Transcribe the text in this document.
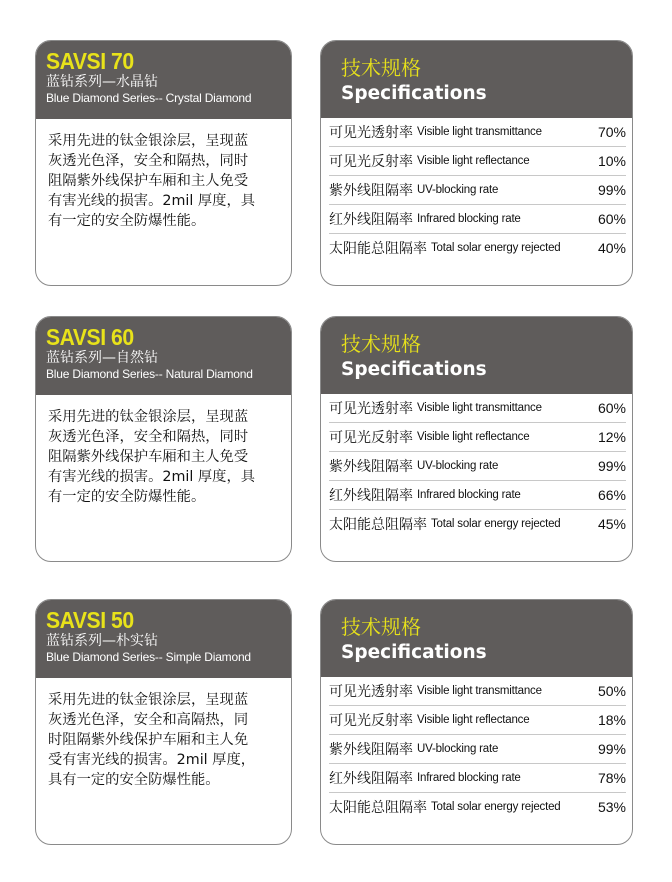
SAVSI 70
蓝钻系列—水晶钻
Blue Diamond Series-- Crystal Diamond
采用先进的钛金银涂层，呈现蓝
灰透光色泽，安全和隔热，同时
阻隔紫外线保护车厢和主人免受
有害光线的损害。2mil 厚度，具
有一定的安全防爆性能。
技术规格
Specifications
可见光透射率 Visible light transmittance	70%
可见光反射率 Visible light reflectance	10%
紫外线阻隔率 UV-blocking rate	99%
红外线阻隔率 Infrared blocking rate	60%
太阳能总阻隔率 Total solar energy rejected	40%
SAVSI 60
蓝钻系列—自然钻
Blue Diamond Series-- Natural Diamond
采用先进的钛金银涂层，呈现蓝
灰透光色泽，安全和隔热，同时
阻隔紫外线保护车厢和主人免受
有害光线的损害。2mil 厚度，具
有一定的安全防爆性能。
技术规格
Specifications
可见光透射率 Visible light transmittance	60%
可见光反射率 Visible light reflectance	12%
紫外线阻隔率 UV-blocking rate	99%
红外线阻隔率 Infrared blocking rate	66%
太阳能总阻隔率 Total solar energy rejected	45%
SAVSI 50
蓝钻系列—朴实钻
Blue Diamond Series-- Simple Diamond
采用先进的钛金银涂层，呈现蓝
灰透光色泽，安全和高隔热，同
时阻隔紫外线保护车厢和主人免
受有害光线的损害。2mil 厚度，
具有一定的安全防爆性能。
技术规格
Specifications
可见光透射率 Visible light transmittance	50%
可见光反射率 Visible light reflectance	18%
紫外线阻隔率 UV-blocking rate	99%
红外线阻隔率 Infrared blocking rate	78%
太阳能总阻隔率 Total solar energy rejected	53%
